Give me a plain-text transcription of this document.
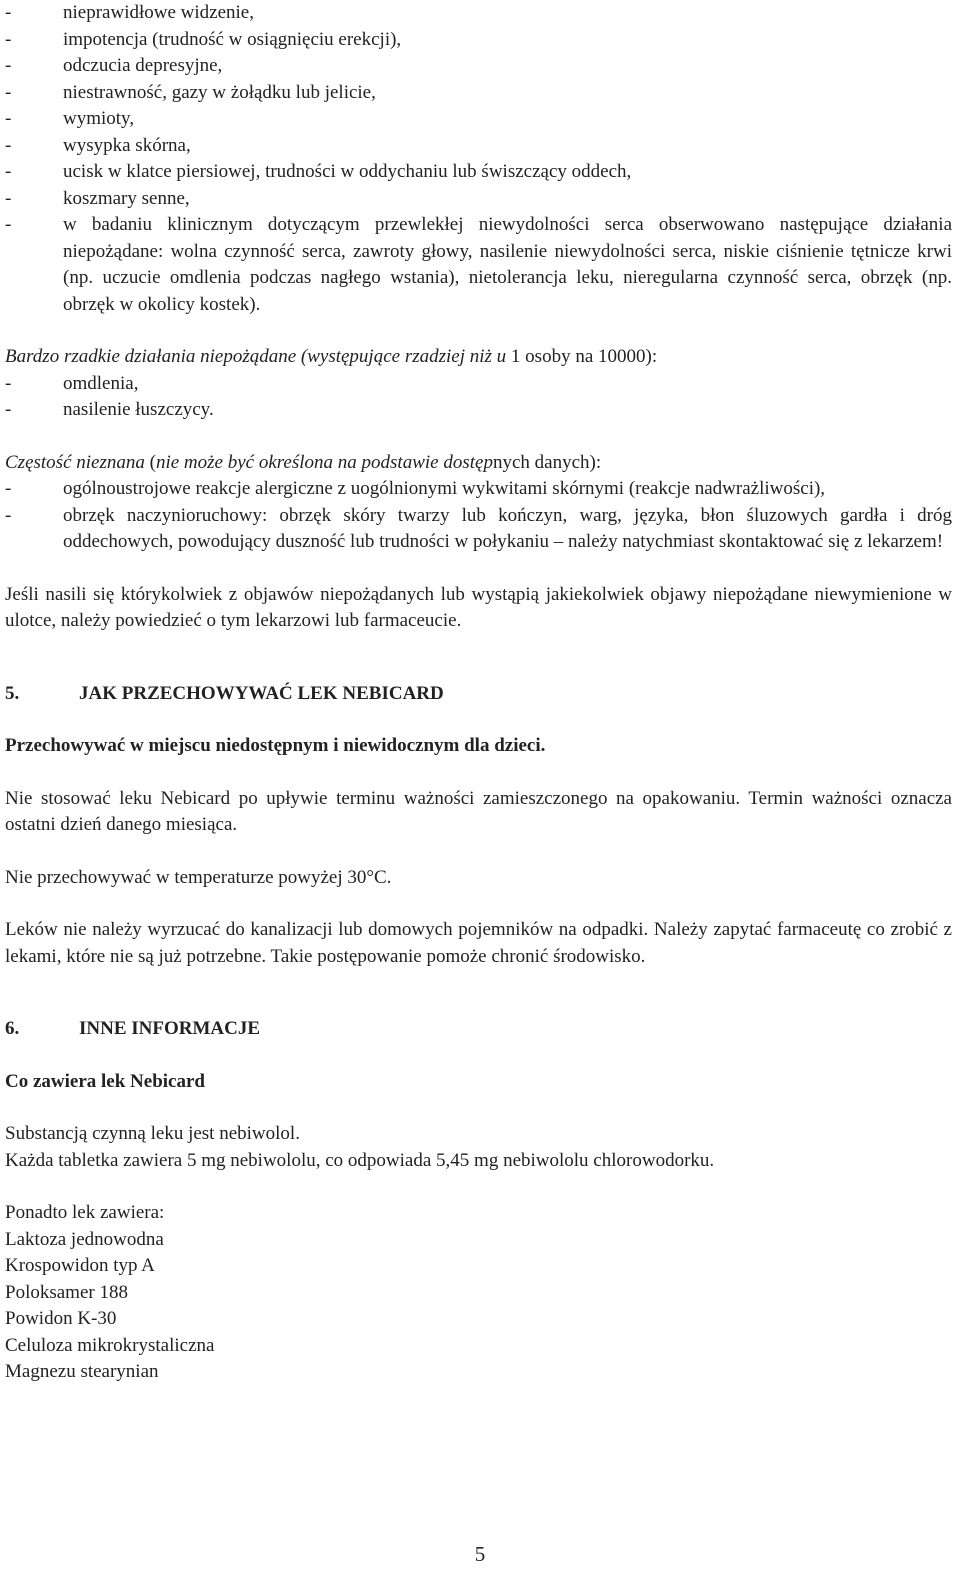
-	nieprawidłowe widzenie,
-	impotencja (trudność w osiągnięciu erekcji),
-	odczucia depresyjne,
-	niestrawność, gazy w żołądku lub jelicie,
-	wymioty,
-	wysypka skórna,
-	ucisk w klatce piersiowej, trudności w oddychaniu lub świszczący oddech,
-	koszmary senne,
-	w badaniu klinicznym dotyczącym przewlekłej niewydolności serca obserwowano następujące działania niepożądane: wolna czynność serca, zawroty głowy, nasilenie niewydolności serca, niskie ciśnienie tętnicze krwi (np. uczucie omdlenia podczas nagłego wstania), nietolerancja leku, nieregularna czynność serca, obrzęk (np. obrzęk w okolicy kostek).

Bardzo rzadkie działania niepożądane (występujące rzadziej niż u 1 osoby na 10000):

-	omdlenia,
-	nasilenie łuszczycy.

Częstość nieznana (nie może być określona na podstawie dostępnych danych):

-	ogólnoustrojowe reakcje alergiczne z uogólnionymi wykwitami skórnymi (reakcje nadwrażliwości),
-	obrzęk naczynioruchowy: obrzęk skóry twarzy lub kończyn, warg, języka, błon śluzowych gardła i dróg oddechowych, powodujący duszność lub trudności w połykaniu – należy natychmiast skontaktować się z lekarzem!

Jeśli nasili się którykolwiek z objawów niepożądanych lub wystąpią jakiekolwiek objawy niepożądane niewymienione w ulotce, należy powiedzieć o tym lekarzowi lub farmaceucie.

5.	JAK PRZECHOWYWAĆ LEK NEBICARD

Przechowywać w miejscu niedostępnym i niewidocznym dla dzieci.

Nie stosować leku Nebicard po upływie terminu ważności zamieszczonego na opakowaniu. Termin ważności oznacza ostatni dzień danego miesiąca.

Nie przechowywać w temperaturze powyżej 30°C.

Leków nie należy wyrzucać do kanalizacji lub domowych pojemników na odpadki. Należy zapytać farmaceutę co zrobić z lekami, które nie są już potrzebne. Takie postępowanie pomoże chronić środowisko.

6.	INNE INFORMACJE

Co zawiera lek Nebicard

Substancją czynną leku jest nebiwolol.

Każda tabletka zawiera 5 mg nebiwololu, co odpowiada 5,45 mg nebiwololu chlorowodorku.

Ponadto lek zawiera:

Laktoza jednowodna

Krospowidon typ A

Poloksamer 188

Powidon K-30

Celuloza mikrokrystaliczna

Magnezu stearynian

5
